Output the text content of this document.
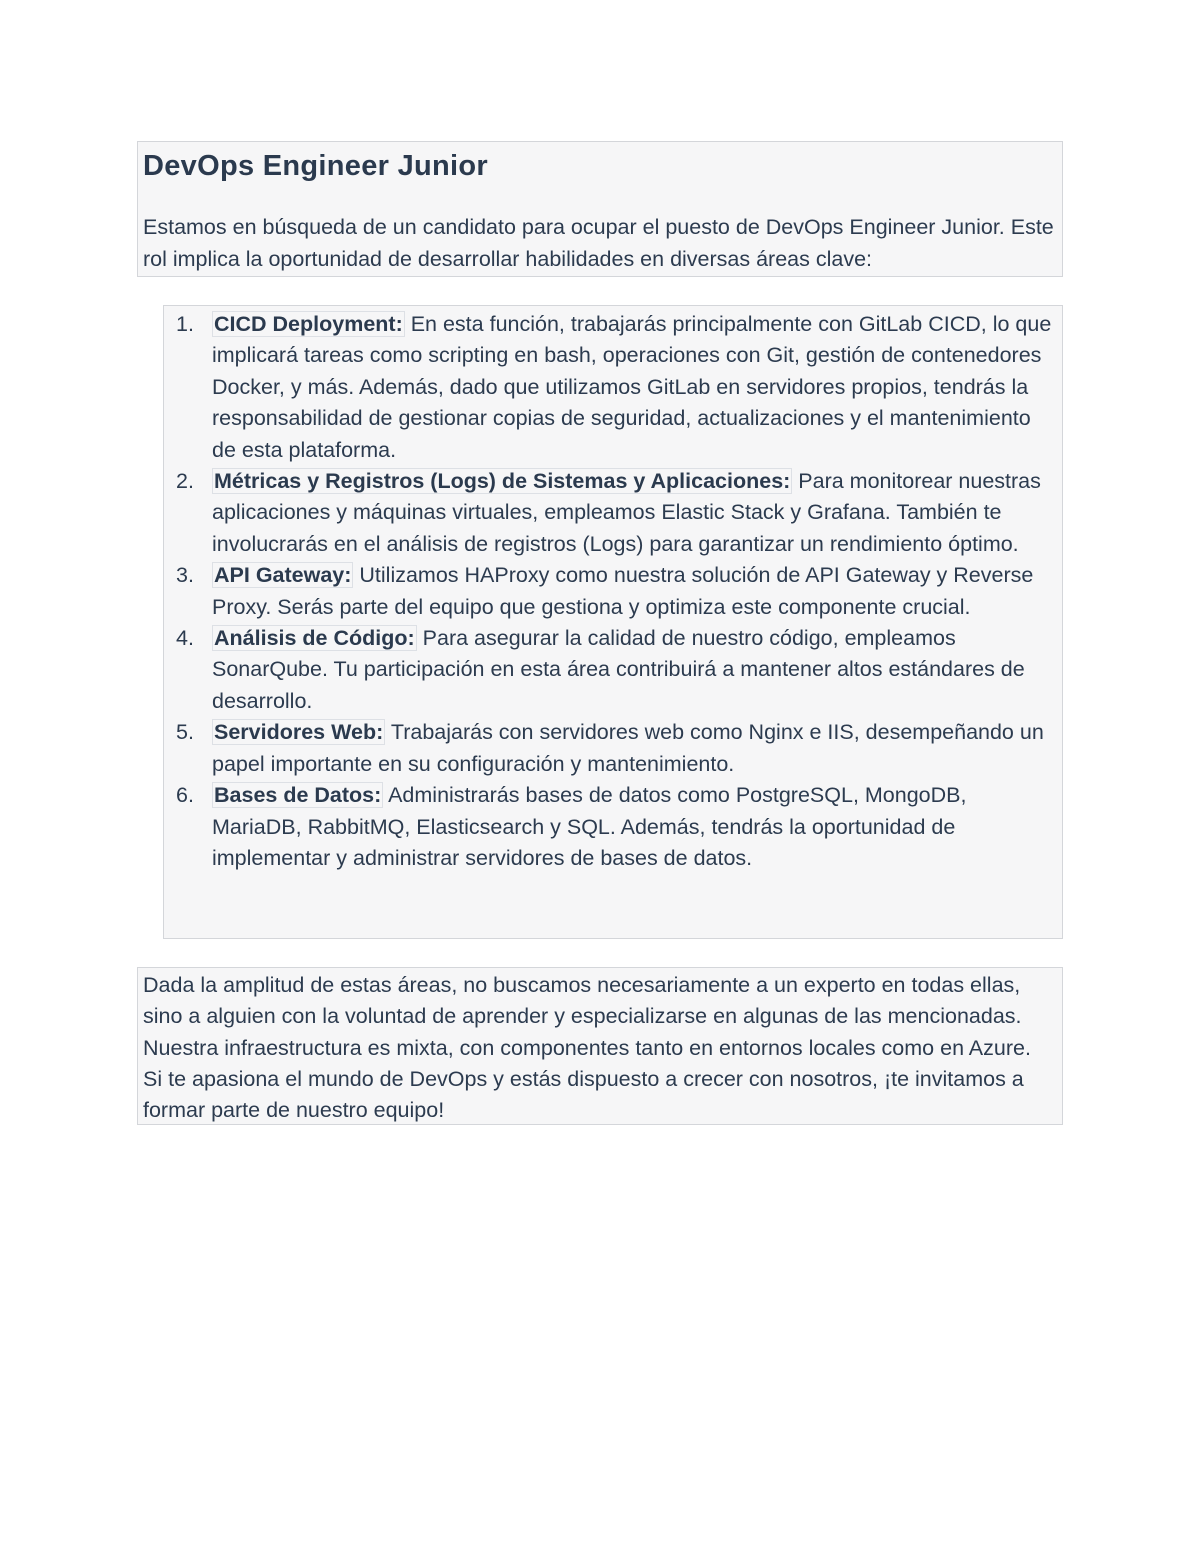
DevOps Engineer Junior

Estamos en búsqueda de un candidato para ocupar el puesto de DevOps Engineer Junior. Este rol implica la oportunidad de desarrollar habilidades en diversas áreas clave:

1. CICD Deployment: En esta función, trabajarás principalmente con GitLab CICD, lo que implicará tareas como scripting en bash, operaciones con Git, gestión de contenedores Docker, y más. Además, dado que utilizamos GitLab en servidores propios, tendrás la responsabilidad de gestionar copias de seguridad, actualizaciones y el mantenimiento de esta plataforma.
2. Métricas y Registros (Logs) de Sistemas y Aplicaciones: Para monitorear nuestras aplicaciones y máquinas virtuales, empleamos Elastic Stack y Grafana. También te involucrarás en el análisis de registros (Logs) para garantizar un rendimiento óptimo.
3. API Gateway: Utilizamos HAProxy como nuestra solución de API Gateway y Reverse Proxy. Serás parte del equipo que gestiona y optimiza este componente crucial.
4. Análisis de Código: Para asegurar la calidad de nuestro código, empleamos SonarQube. Tu participación en esta área contribuirá a mantener altos estándares de desarrollo.
5. Servidores Web: Trabajarás con servidores web como Nginx e IIS, desempeñando un papel importante en su configuración y mantenimiento.
6. Bases de Datos: Administrarás bases de datos como PostgreSQL, MongoDB, MariaDB, RabbitMQ, Elasticsearch y SQL. Además, tendrás la oportunidad de implementar y administrar servidores de bases de datos.

Dada la amplitud de estas áreas, no buscamos necesariamente a un experto en todas ellas, sino a alguien con la voluntad de aprender y especializarse en algunas de las mencionadas. Nuestra infraestructura es mixta, con componentes tanto en entornos locales como en Azure. Si te apasiona el mundo de DevOps y estás dispuesto a crecer con nosotros, ¡te invitamos a formar parte de nuestro equipo!
